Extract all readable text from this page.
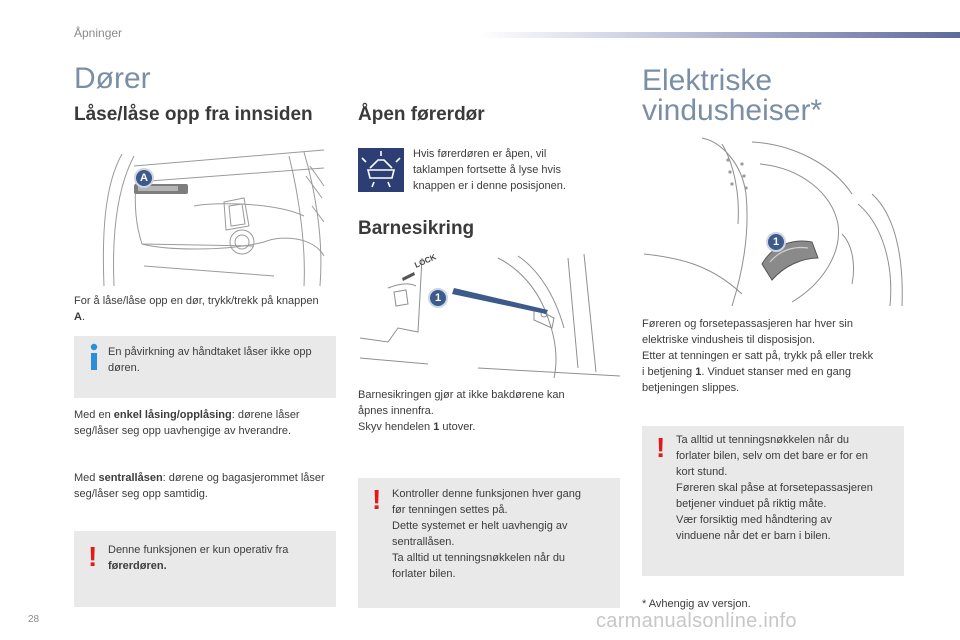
Åpninger
Dører
Låse/låse opp fra innsiden
A
For å låse/låse opp en dør, trykk/trekk på knappen A.
En påvirkning av håndtaket låser ikke opp døren.
Med en enkel låsing/opplåsing: dørene låser seg/låser seg opp uavhengige av hverandre.
Med sentrallåsen: dørene og bagasjerommet låser seg/låser seg opp samtidig.
! Denne funksjonen er kun operativ fra
førerdøren.
Åpen førerdør
Hvis førerdøren er åpen, vil taklampen fortsette å lyse hvis knappen er i denne posisjonen.
Barnesikring
LOCK
1
Barnesikringen gjør at ikke bakdørene kan
åpnes innenfra.
Skyv hendelen 1 utover.
! Kontroller denne funksjonen hver gang
før tenningen settes på.
Dette systemet er helt uavhengig av
sentrallåsen.
Ta alltid ut tenningsnøkkelen når du
forlater bilen.
Elektriske
vindusheiser*
1
Føreren og forsetepassasjeren har hver sin
elektriske vindusheis til disposisjon.
Etter at tenningen er satt på, trykk på eller trekk
i betjening 1. Vinduet stanser med en gang
betjeningen slippes.
! Ta alltid ut tenningsnøkkelen når du
forlater bilen, selv om det bare er for en
kort stund.
Føreren skal påse at forsetepassasjeren
betjener vinduet på riktig måte.
Vær forsiktig med håndtering av
vinduene når det er barn i bilen.
* Avhengig av versjon.
28	carmanualsonline.info
